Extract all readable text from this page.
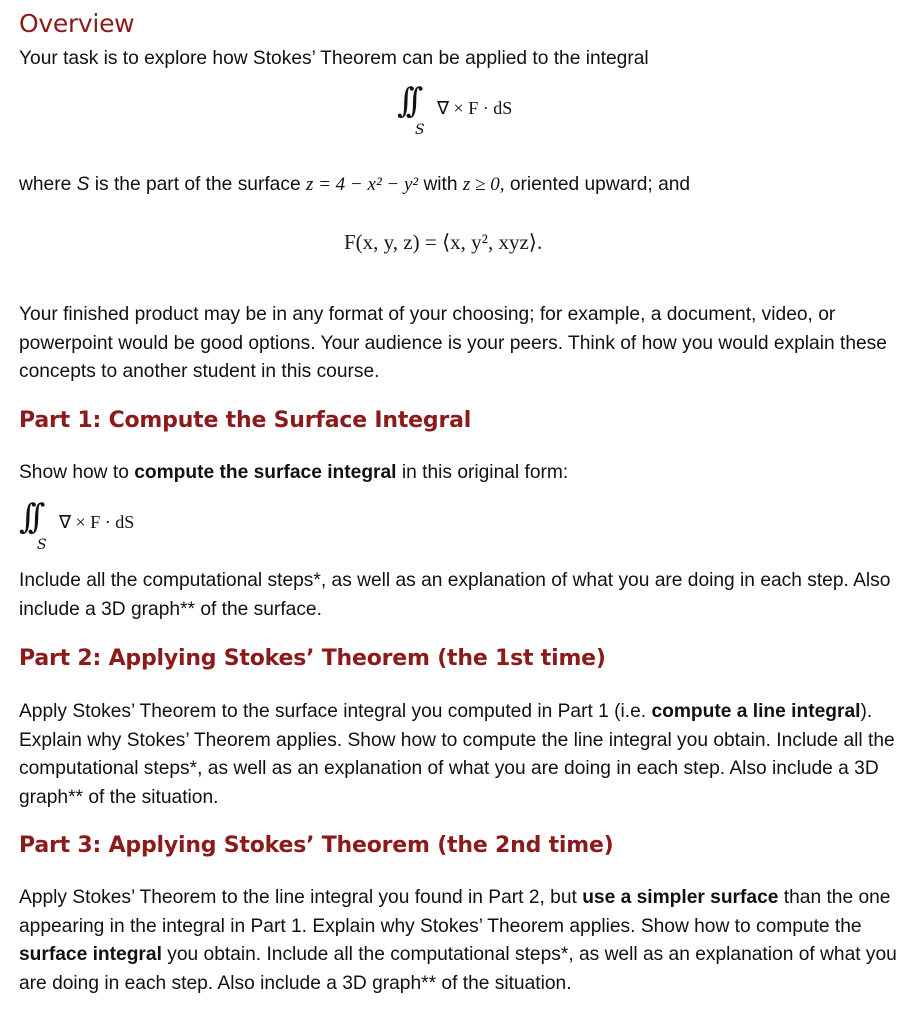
Overview

Your task is to explore how Stokes’ Theorem can be applied to the integral

∫∫
S
∇ × F · dS
where S is the part of the surface z = 4 − x² − y² with z ≥ 0, oriented upward; and
F(x, y, z) = ⟨x, y², xyz⟩.

Your finished product may be in any format of your choosing; for example, a document, video, or powerpoint would be good options. Your audience is your peers. Think of how you would explain these concepts to another student in this course.

Part 1: Compute the Surface Integral

Show how to compute the surface integral in this original form:

∫∫
S
∇ × F · dS

Include all the computational steps*, as well as an explanation of what you are doing in each step. Also include a 3D graph** of the surface.

Part 2: Applying Stokes’ Theorem (the 1st time)

Apply Stokes’ Theorem to the surface integral you computed in Part 1 (i.e. compute a line integral). Explain why Stokes’ Theorem applies. Show how to compute the line integral you obtain. Include all the computational steps*, as well as an explanation of what you are doing in each step. Also include a 3D graph** of the situation.

Part 3: Applying Stokes’ Theorem (the 2nd time)

Apply Stokes’ Theorem to the line integral you found in Part 2, but use a simpler surface than the one appearing in the integral in Part 1. Explain why Stokes’ Theorem applies. Show how to compute the surface integral you obtain. Include all the computational steps*, as well as an explanation of what you are doing in each step. Also include a 3D graph** of the situation.
